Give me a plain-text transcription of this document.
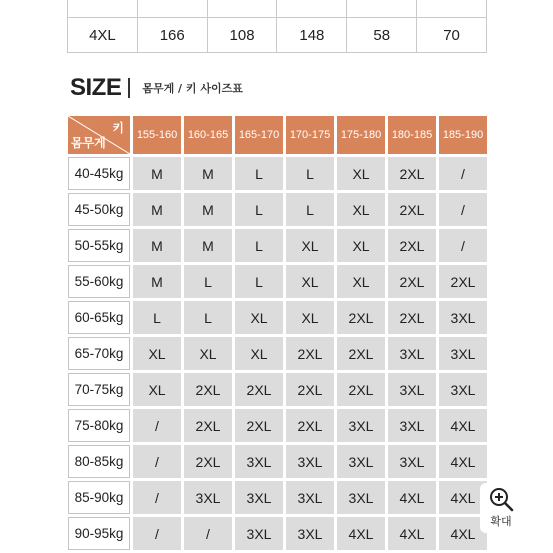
4XL	166	108	148	58	70
SIZE 몸무게 / 키 사이즈표
키
몸무게	155-160	160-165	165-170	170-175	175-180	180-185	185-190
40-45kg	M	M	L	L	XL	2XL	/
45-50kg	M	M	L	L	XL	2XL	/
50-55kg	M	M	L	XL	XL	2XL	/
55-60kg	M	L	L	XL	XL	2XL	2XL
60-65kg	L	L	XL	XL	2XL	2XL	3XL
65-70kg	XL	XL	XL	2XL	2XL	3XL	3XL
70-75kg	XL	2XL	2XL	2XL	2XL	3XL	3XL
75-80kg	/	2XL	2XL	2XL	3XL	3XL	4XL
80-85kg	/	2XL	3XL	3XL	3XL	3XL	4XL
85-90kg	/	3XL	3XL	3XL	3XL	4XL	4XL
90-95kg	/	/	3XL	3XL	4XL	4XL	4XL
확대
